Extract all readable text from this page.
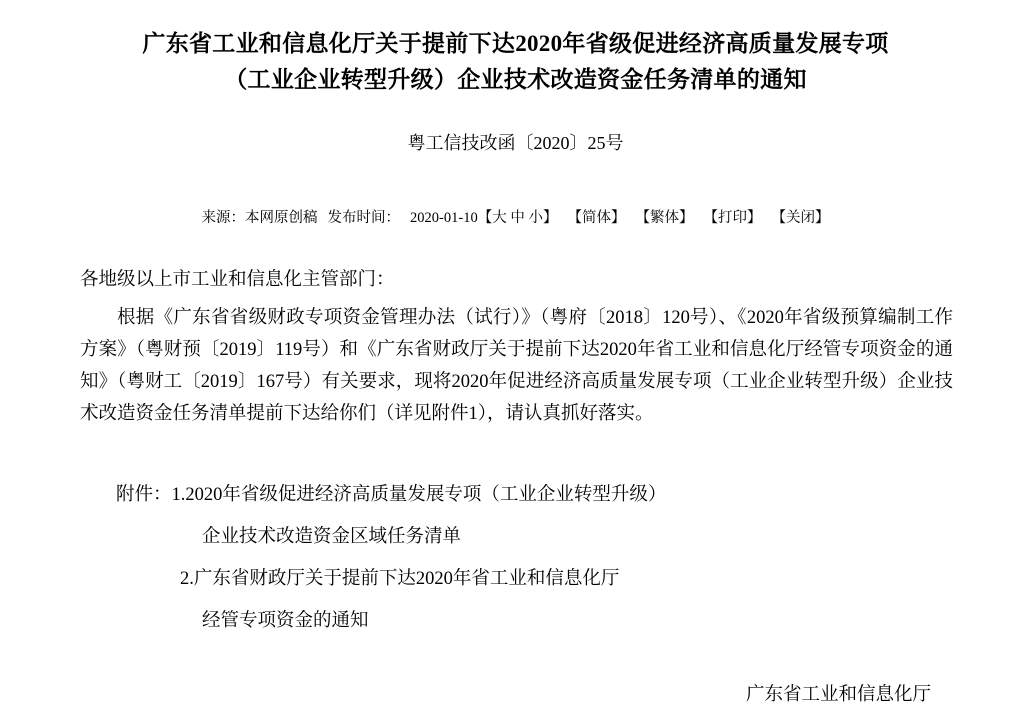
广东省工业和信息化厅关于提前下达2020年省级促进经济高质量发展专项
（工业企业转型升级）企业技术改造资金任务清单的通知
粤工信技改函〔2020〕25号
来源：本网原创稿 发布时间： 2020-01-10【大 中 小】 【简体】 【繁体】 【打印】 【关闭】

各地级以上市工业和信息化主管部门：

根据《广东省省级财政专项资金管理办法（试行）》（粤府〔2018〕120号）、《2020年省级预算编制工作方案》（粤财预〔2019〕119号）和《广东省财政厅关于提前下达2020年省工业和信息化厅经管专项资金的通知》（粤财工〔2019〕167号）有关要求，现将2020年促进经济高质量发展专项（工业企业转型升级）企业技术改造资金任务清单提前下达给你们（详见附件1），请认真抓好落实。

附件：1.2020年省级促进经济高质量发展专项（工业企业转型升级）
企业技术改造资金区域任务清单
2.广东省财政厅关于提前下达2020年省工业和信息化厅
经管专项资金的通知
广东省工业和信息化厅
